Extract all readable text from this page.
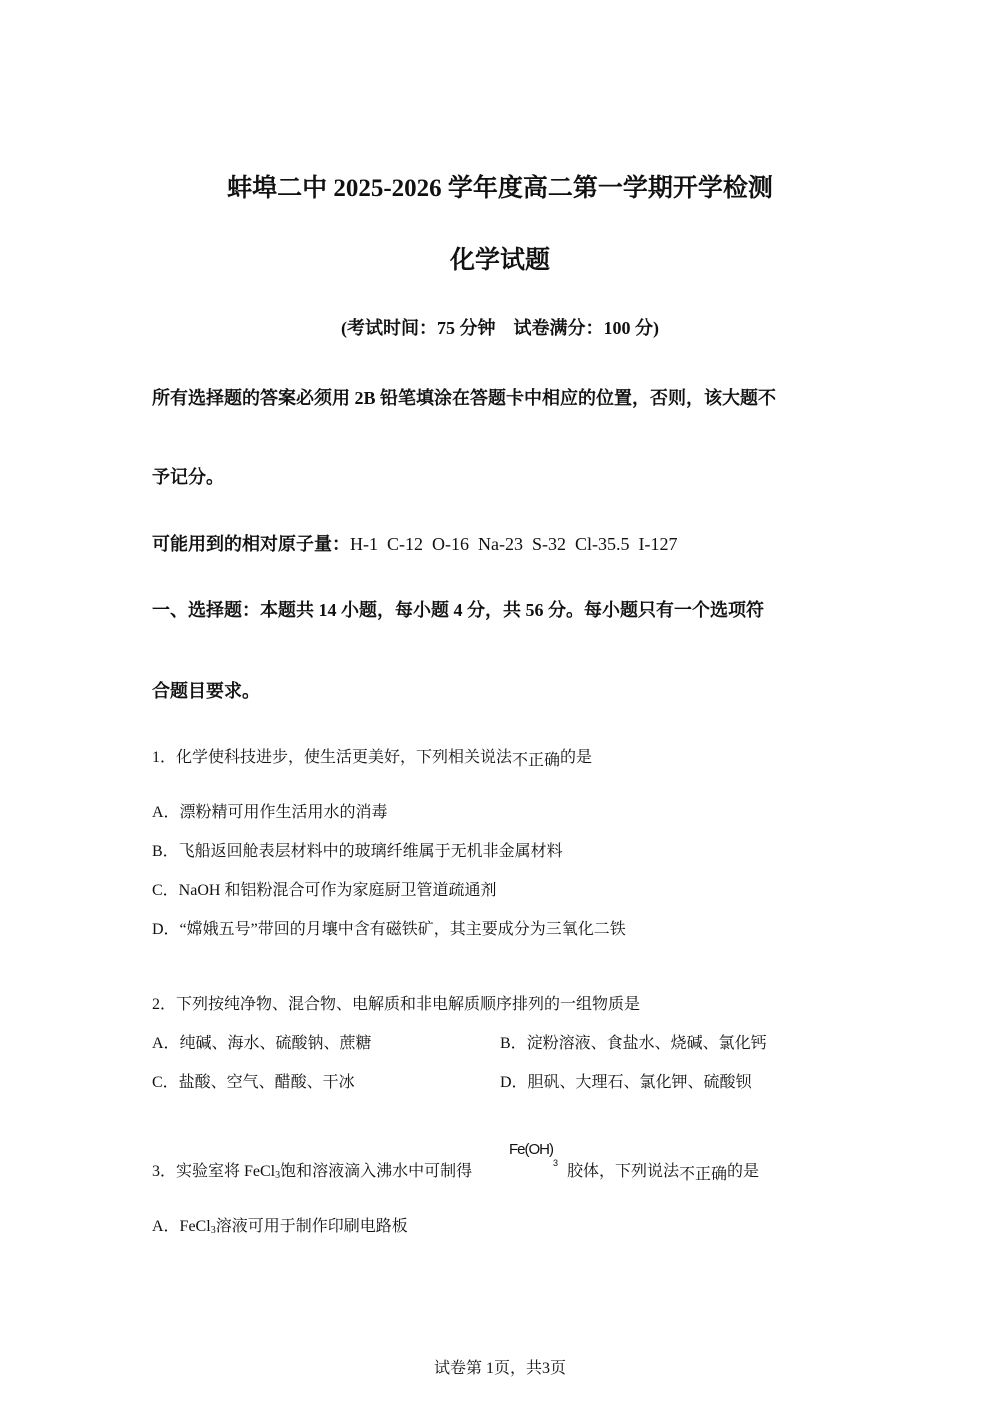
蚌埠二中 2025-2026 学年度高二第一学期开学检测
化学试题
(考试时间：75 分钟　试卷满分：100 分)
所有选择题的答案必须用 2B 铅笔填涂在答题卡中相应的位置，否则，该大题不
予记分。
可能用到的相对原子量：H-1  C-12  O-16  Na-23  S-32  Cl-35.5  I-127
一、选择题：本题共 14 小题，每小题 4 分，共 56 分。每小题只有一个选项符
合题目要求。
1．化学使科技进步，使生活更美好，下列相关说法不正确的是
A．漂粉精可用作生活用水的消毒
B．飞船返回舱表层材料中的玻璃纤维属于无机非金属材料
C．NaOH 和铝粉混合可作为家庭厨卫管道疏通剂
D．“嫦娥五号”带回的月壤中含有磁铁矿，其主要成分为三氧化二铁
2．下列按纯净物、混合物、电解质和非电解质顺序排列的一组物质是
A．纯碱、海水、硫酸钠、蔗糖	B．淀粉溶液、食盐水、烧碱、氯化钙
C．盐酸、空气、醋酸、干冰	D．胆矾、大理石、氯化钾、硫酸钡
3．实验室将 FeCl$_3$饱和溶液滴入沸水中可制得
$Fe(OH)_3$ 胶体，下列说法不正确的是
A．FeCl$_3$溶液可用于制作印刷电路板
试卷第 1页，共3页
